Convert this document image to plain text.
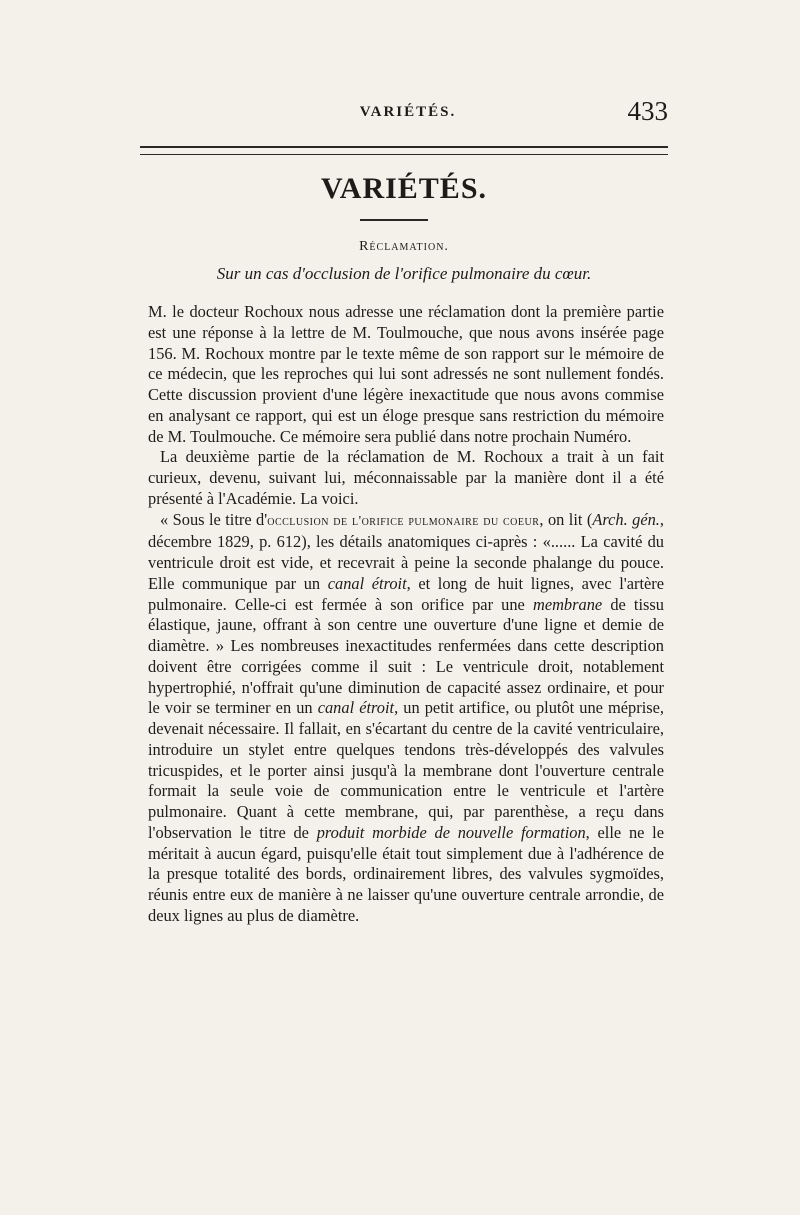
VARIÉTÉS.	433
VARIÉTÉS.
Réclamation.
Sur un cas d'occlusion de l'orifice pulmonaire du cœur.

M. le docteur Rochoux nous adresse une réclamation dont la première partie est une réponse à la lettre de M. Toulmouche, que nous avons insérée page 156. M. Rochoux montre par le texte même de son rapport sur le mémoire de ce médecin, que les reproches qui lui sont adressés ne sont nullement fondés. Cette discussion provient d'une légère inexactitude que nous avons commise en analysant ce rapport, qui est un éloge presque sans restriction du mémoire de M. Toulmouche. Ce mémoire sera publié dans notre prochain Numéro.

La deuxième partie de la réclamation de M. Rochoux a trait à un fait curieux, devenu, suivant lui, méconnaissable par la manière dont il a été présenté à l'Académie. La voici.

« Sous le titre d'occlusion de l'orifice pulmonaire du coeur, on lit (Arch. gén., décembre 1829, p. 612), les détails anatomiques ci-après : «...... La cavité du ventricule droit est vide, et recevrait à peine la seconde phalange du pouce. Elle communique par un canal étroit, et long de huit lignes, avec l'artère pulmonaire. Celle-ci est fermée à son orifice par une membrane de tissu élastique, jaune, offrant à son centre une ouverture d'une ligne et demie de diamètre. » Les nombreuses inexactitudes renfermées dans cette description doivent être corrigées comme il suit : Le ventricule droit, notablement hypertrophié, n'offrait qu'une diminution de capacité assez ordinaire, et pour le voir se terminer en un canal étroit, un petit artifice, ou plutôt une méprise, devenait nécessaire. Il fallait, en s'écartant du centre de la cavité ventriculaire, introduire un stylet entre quelques tendons très-développés des valvules tricuspides, et le porter ainsi jusqu'à la membrane dont l'ouverture centrale formait la seule voie de communication entre le ventricule et l'artère pulmonaire. Quant à cette membrane, qui, par parenthèse, a reçu dans l'observation le titre de produit morbide de nouvelle formation, elle ne le méritait à aucun égard, puisqu'elle était tout simplement due à l'adhérence de la presque totalité des bords, ordinairement libres, des valvules sygmoïdes, réunis entre eux de manière à ne laisser qu'une ouverture centrale arrondie, de deux lignes au plus de diamètre.
